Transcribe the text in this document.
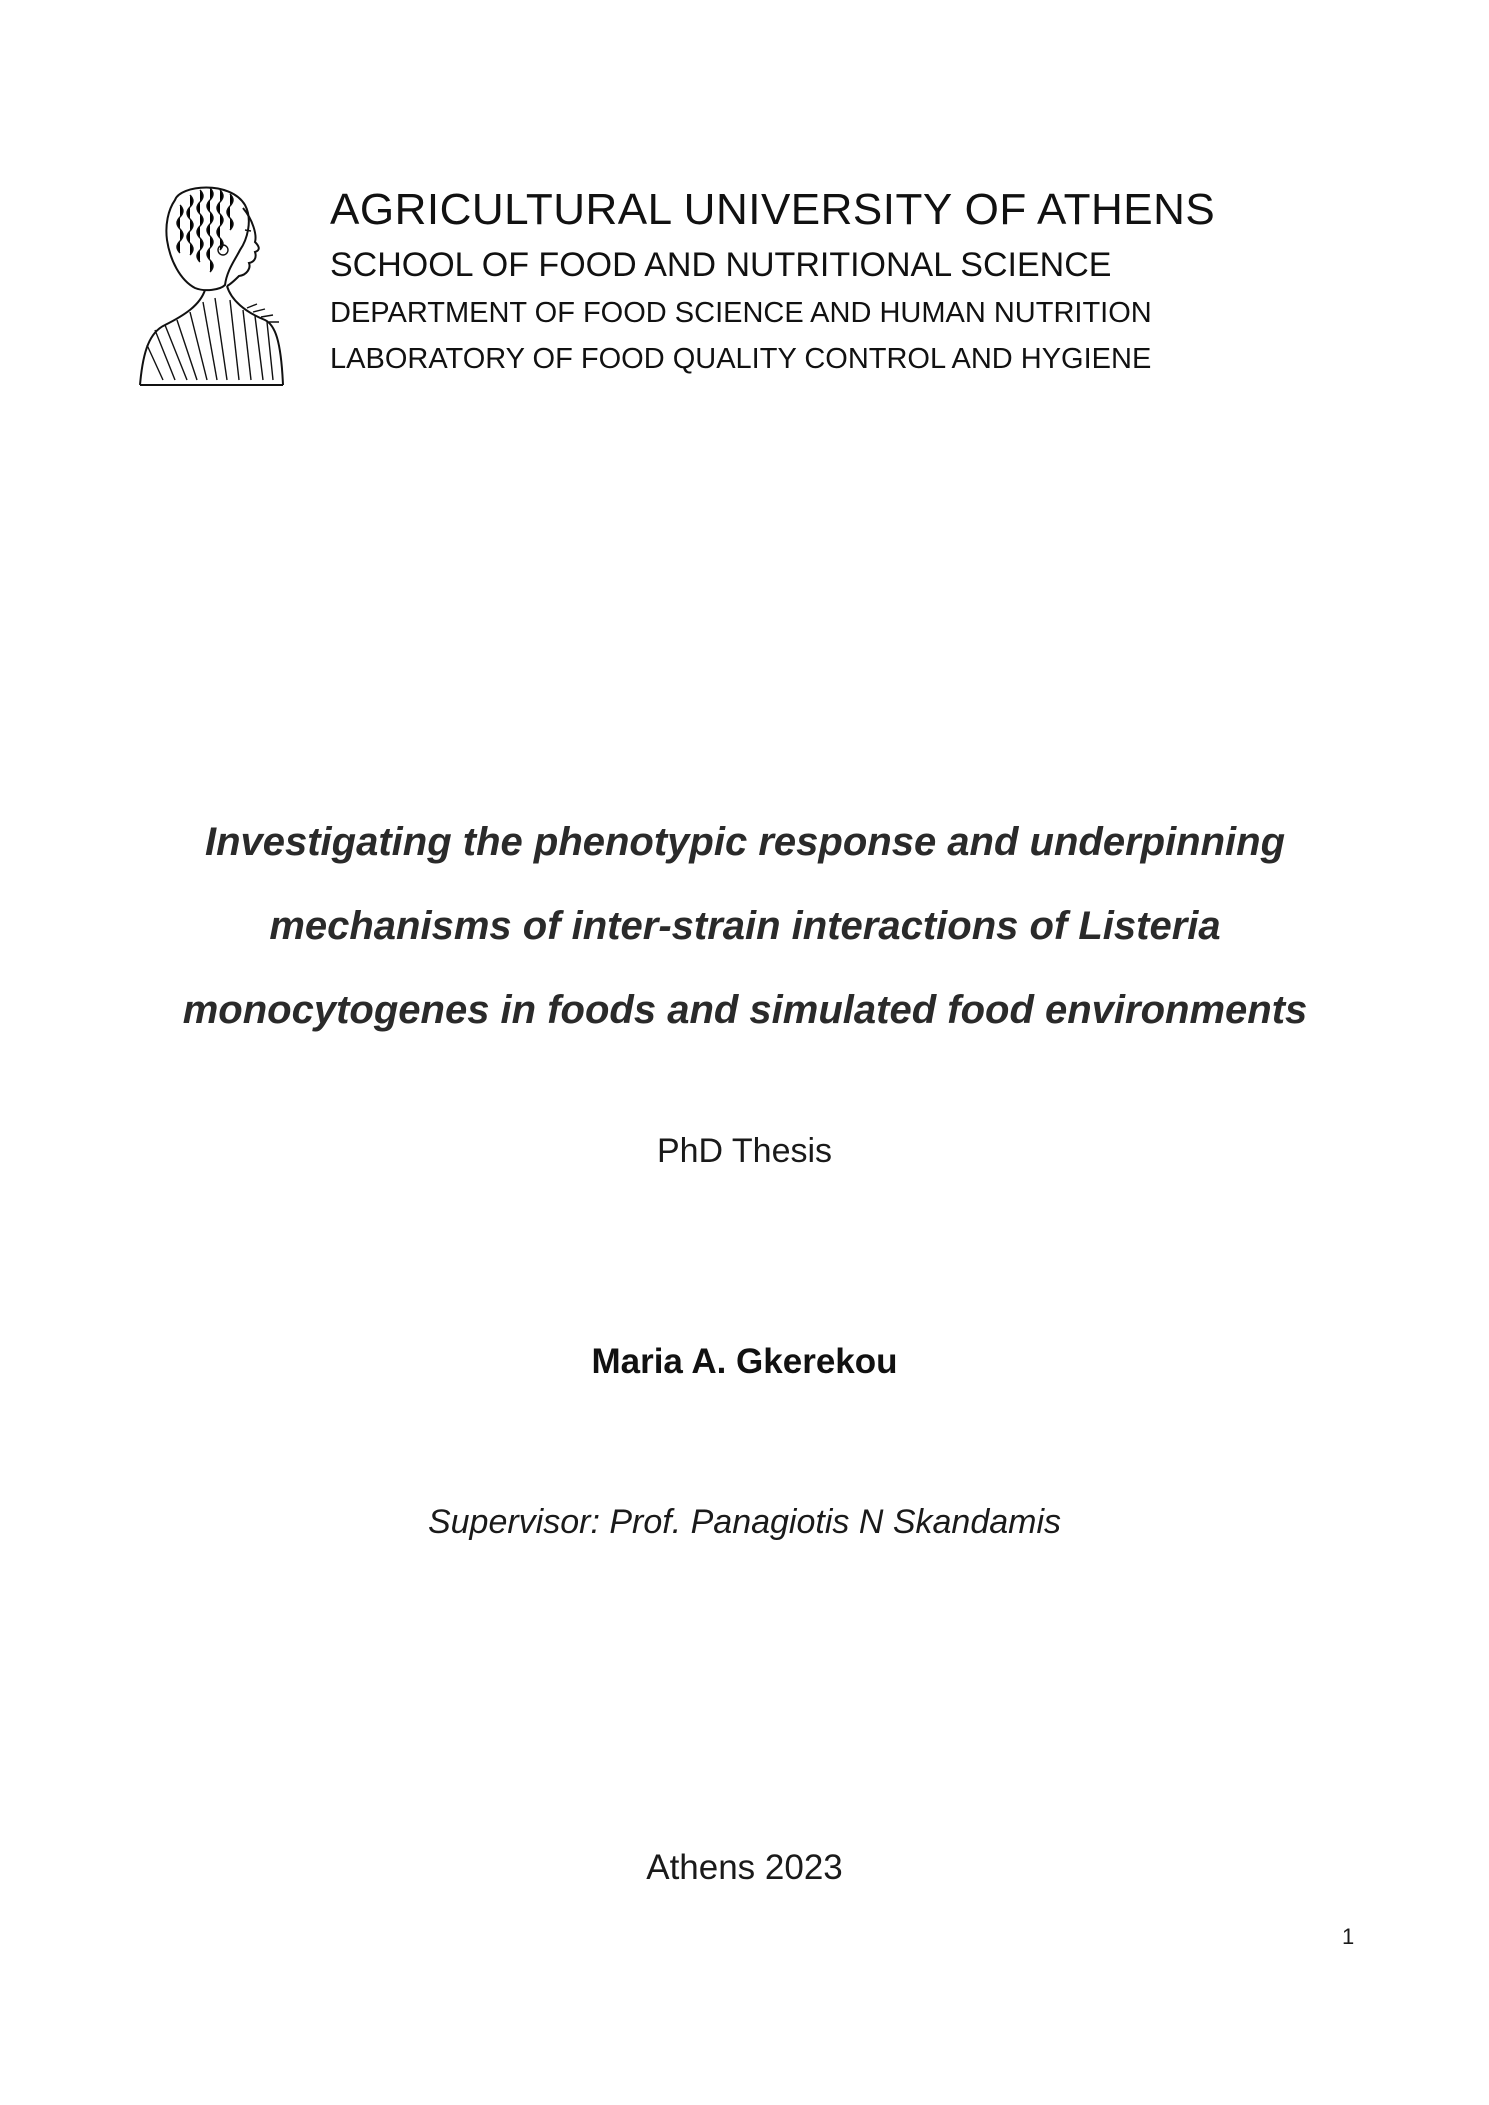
AGRICULTURAL UNIVERSITY OF ATHENS
SCHOOL OF FOOD AND NUTRITIONAL SCIENCE
DEPARTMENT OF FOOD SCIENCE AND HUMAN NUTRITION
LABORATORY OF FOOD QUALITY CONTROL AND HYGIENE
Investigating the phenotypic response and underpinning
mechanisms of inter-strain interactions of Listeria
monocytogenes in foods and simulated food environments
PhD Thesis
Maria A. Gkerekou
Supervisor: Prof. Panagiotis N Skandamis
Athens 2023
1
